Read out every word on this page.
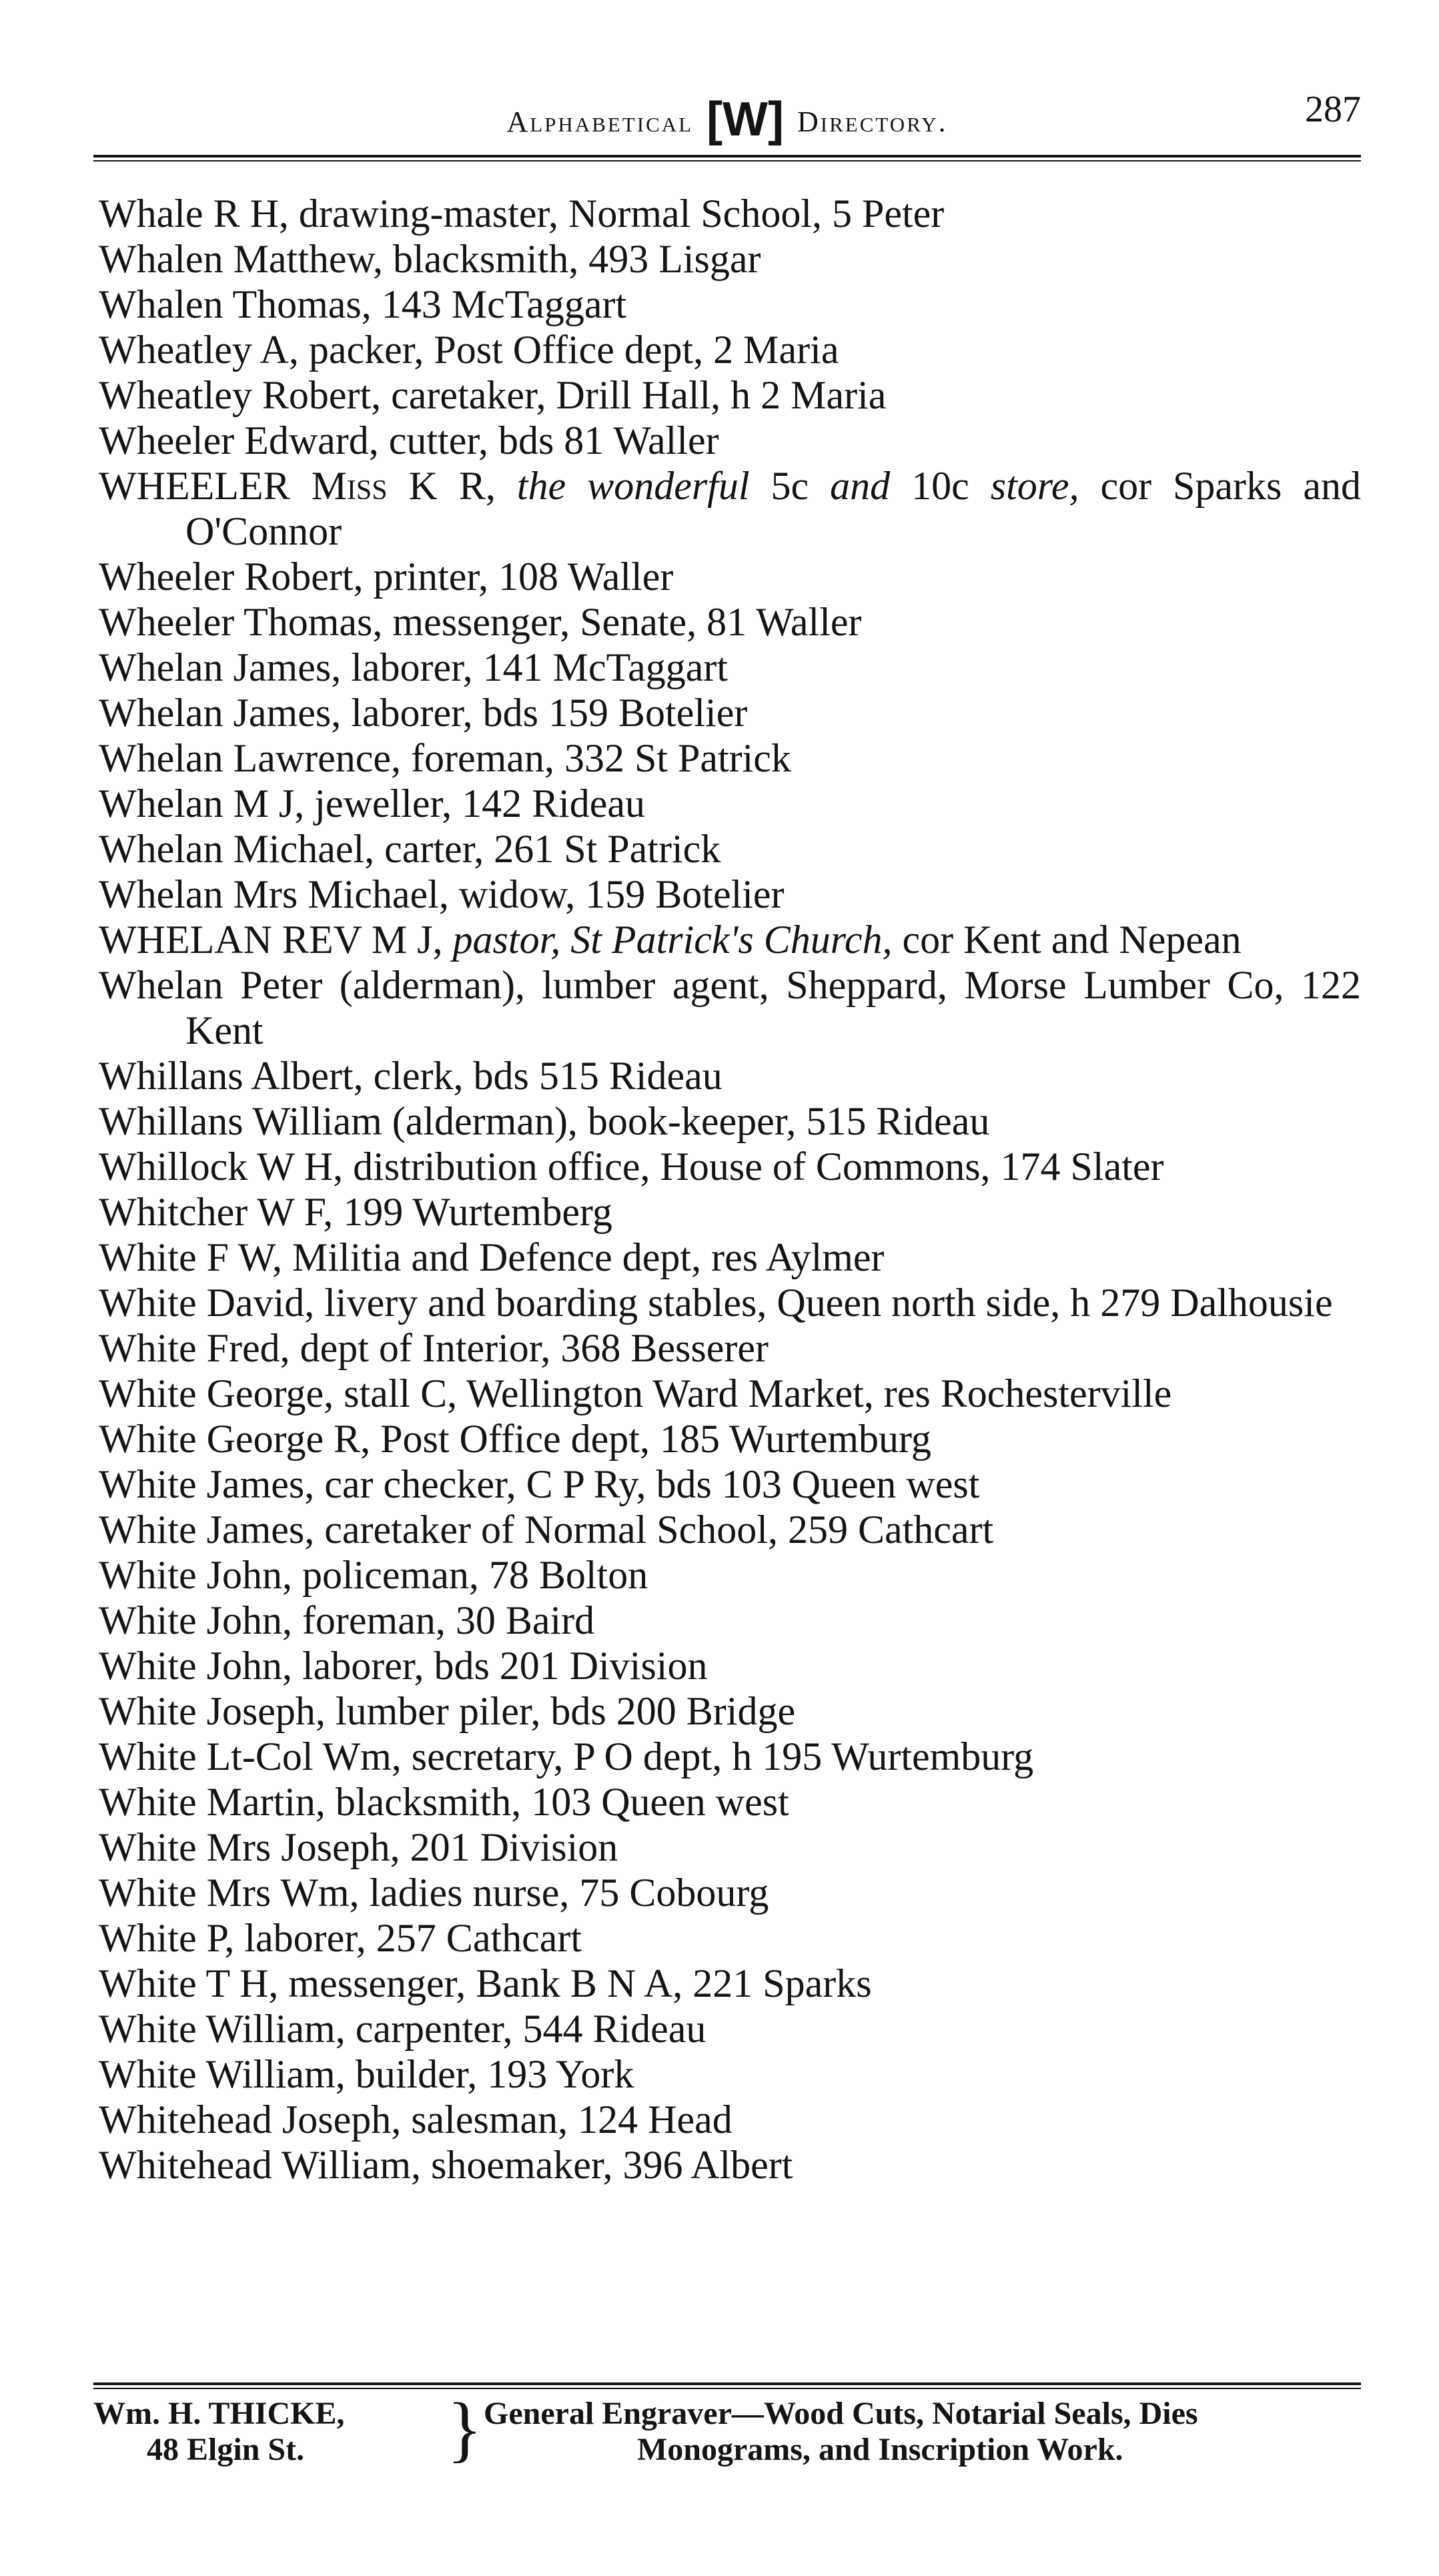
Alphabetical [W] Directory.	287
Whale R H, drawing-master, Normal School, 5 Peter
Whalen Matthew, blacksmith, 493 Lisgar
Whalen Thomas, 143 McTaggart
Wheatley A, packer, Post Office dept, 2 Maria
Wheatley Robert, caretaker, Drill Hall, h 2 Maria
Wheeler Edward, cutter, bds 81 Waller
WHEELER Miss K R, the wonderful 5c and 10c store, cor Sparks and O'Connor
Wheeler Robert, printer, 108 Waller
Wheeler Thomas, messenger, Senate, 81 Waller
Whelan James, laborer, 141 McTaggart
Whelan James, laborer, bds 159 Botelier
Whelan Lawrence, foreman, 332 St Patrick
Whelan M J, jeweller, 142 Rideau
Whelan Michael, carter, 261 St Patrick
Whelan Mrs Michael, widow, 159 Botelier
WHELAN REV M J, pastor, St Patrick's Church, cor Kent and Nepean
Whelan Peter (alderman), lumber agent, Sheppard, Morse Lumber Co, 122 Kent
Whillans Albert, clerk, bds 515 Rideau
Whillans William (alderman), book-keeper, 515 Rideau
Whillock W H, distribution office, House of Commons, 174 Slater
Whitcher W F, 199 Wurtemberg
White F W, Militia and Defence dept, res Aylmer
White David, livery and boarding stables, Queen north side, h 279 Dalhousie
White Fred, dept of Interior, 368 Besserer
White George, stall C, Wellington Ward Market, res Rochesterville
White George R, Post Office dept, 185 Wurtemburg
White James, car checker, C P Ry, bds 103 Queen west
White James, caretaker of Normal School, 259 Cathcart
White John, policeman, 78 Bolton
White John, foreman, 30 Baird
White John, laborer, bds 201 Division
White Joseph, lumber piler, bds 200 Bridge
White Lt-Col Wm, secretary, P O dept, h 195 Wurtemburg
White Martin, blacksmith, 103 Queen west
White Mrs Joseph, 201 Division
White Mrs Wm, ladies nurse, 75 Cobourg
White P, laborer, 257 Cathcart
White T H, messenger, Bank B N A, 221 Sparks
White William, carpenter, 544 Rideau
White William, builder, 193 York
Whitehead Joseph, salesman, 124 Head
Whitehead William, shoemaker, 396 Albert
Wm. H. THICKE,
48 Elgin St.	} General Engraver—Wood Cuts, Notarial Seals, Dies
Monograms, and Inscription Work.
